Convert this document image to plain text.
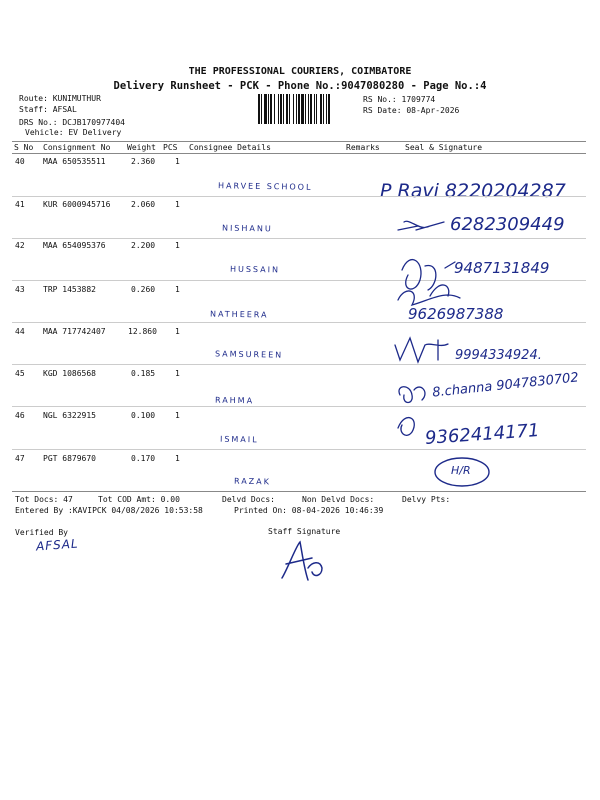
THE PROFESSIONAL COURIERS, COIMBATORE
Delivery Runsheet - PCK - Phone No.:9047080280 - Page No.:4
Route: KUNIMUTHUR
Staff: AFSAL
DRS No.: DCJB170977404
Vehicle: EV Delivery
RS No.: 1709774
RS Date: 08-Apr-2026
S No Consignment No Weight PCS Consignee Details	Remarks	Seal & Signature
40 MAA 650535511	2.360 1
HARVEE SCHOOL	P Ravi 8220204287
41 KUR 6000945716	2.060 1
NISHANU	6282309449
42 MAA 654095376	2.200 1
HUSSAIN	9487131849
43 TRP 1453882	0.260 1
NATHEERA	9626987388
44 MAA 717742407	12.860 1
SAMSUREEN	9994334924.
45 KGD 1086568	0.185 1
RAHMA	8.channa 9047830702
46 NGL 6322915	0.100 1
ISMAIL	9362414171
47 PGT 6879670	0.170 1
RAZAK
H/R
Tot Docs: 47	Tot COD Amt: 0.00	Delvd Docs:	Non Delvd Docs:	Delvy Pts:
Entered By :KAVIPCK 04/08/2026 10:53:58	Printed On: 08-04-2026 10:46:39
Verified By
AFSAL
Staff Signature
